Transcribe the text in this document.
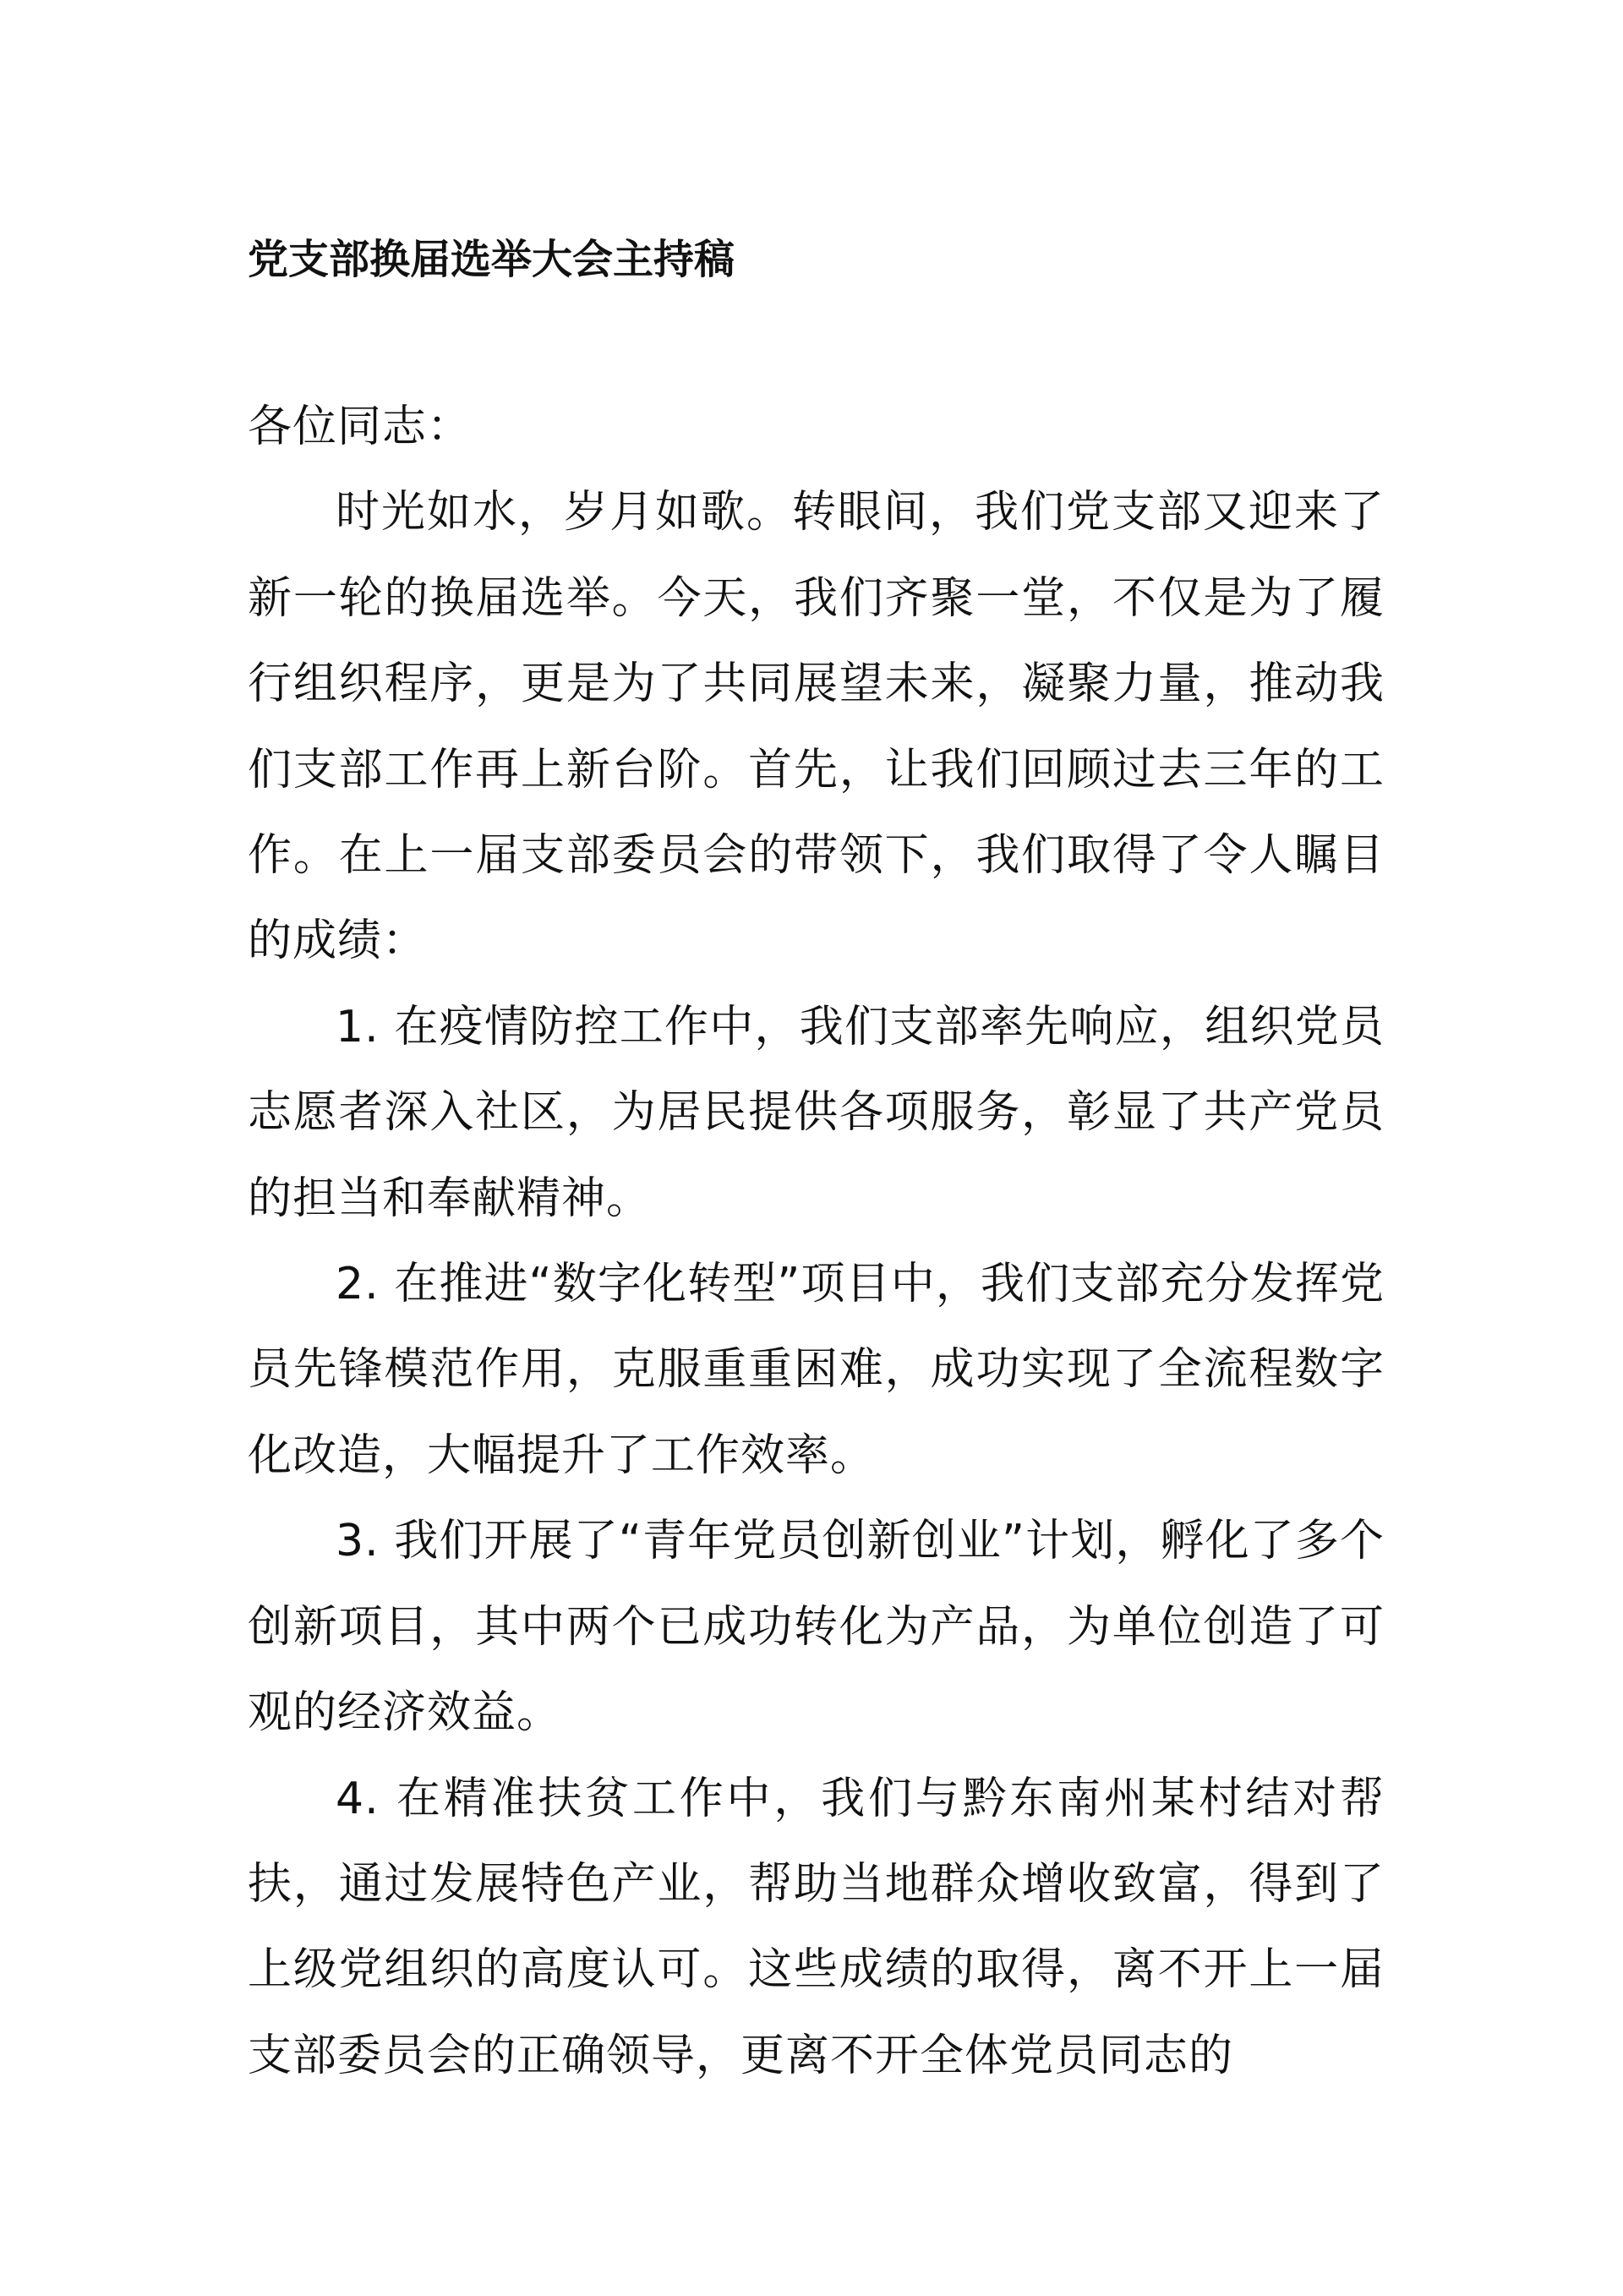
党支部换届选举大会主持稿

各位同志：

时光如水，岁月如歌。转眼间，我们党支部又迎来了新一轮的换届选举。今天，我们齐聚一堂，不仅是为了履行组织程序，更是为了共同展望未来，凝聚力量，推动我们支部工作再上新台阶。首先，让我们回顾过去三年的工作。在上一届支部委员会的带领下，我们取得了令人瞩目的成绩：

1. 在疫情防控工作中，我们支部率先响应，组织党员志愿者深入社区，为居民提供各项服务，彰显了共产党员的担当和奉献精神。

2. 在推进“数字化转型”项目中，我们支部充分发挥党员先锋模范作用，克服重重困难，成功实现了全流程数字化改造，大幅提升了工作效率。

3. 我们开展了“青年党员创新创业”计划，孵化了多个创新项目，其中两个已成功转化为产品，为单位创造了可观的经济效益。

4. 在精准扶贫工作中，我们与黔东南州某村结对帮扶，通过发展特色产业，帮助当地群众增收致富，得到了上级党组织的高度认可。这些成绩的取得，离不开上一届支部委员会的正确领导，更离不开全体党员同志的
